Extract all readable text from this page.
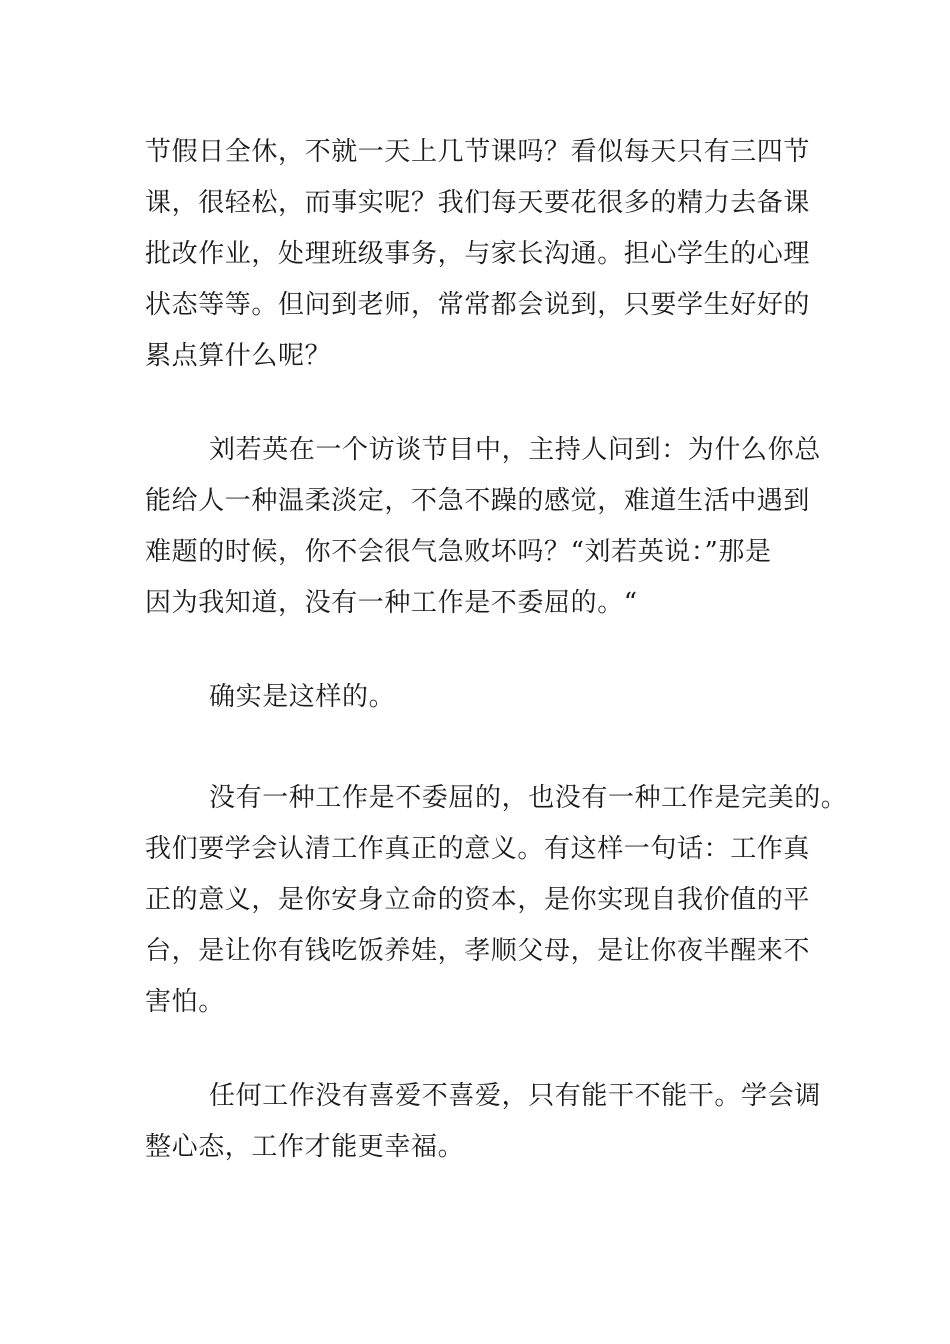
节假日全休，不就一天上几节课吗？看似每天只有三四节
课，很轻松，而事实呢？我们每天要花很多的精力去备课
批改作业，处理班级事务，与家长沟通。担心学生的心理
状态等等。但问到老师，常常都会说到，只要学生好好的
累点算什么呢？

刘若英在一个访谈节目中，主持人问到：为什么你总
能给人一种温柔淡定，不急不躁的感觉，难道生活中遇到
难题的时候，你不会很气急败坏吗？“刘若英说：”那是
因为我知道，没有一种工作是不委屈的。“

确实是这样的。

没有一种工作是不委屈的，也没有一种工作是完美的。
我们要学会认清工作真正的意义。有这样一句话：工作真
正的意义，是你安身立命的资本，是你实现自我价值的平
台，是让你有钱吃饭养娃，孝顺父母，是让你夜半醒来不
害怕。

任何工作没有喜爱不喜爱，只有能干不能干。学会调
整心态，工作才能更幸福。
